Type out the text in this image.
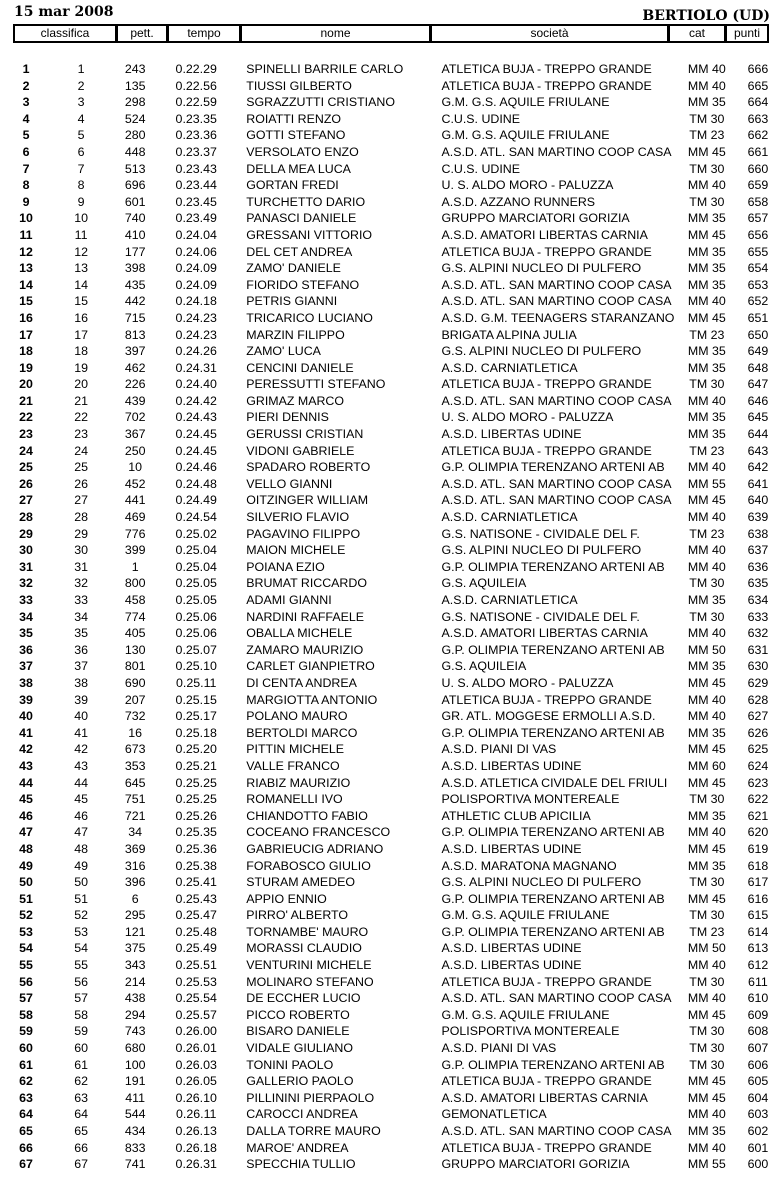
15 mar 2008	BERTIOLO (UD)
classifica	pett.	tempo	nome	società	cat	punti
1	1	243	0.22.29	SPINELLI BARRILE CARLO	ATLETICA BUJA - TREPPO GRANDE	MM 40	666
2	2	135	0.22.56	TIUSSI GILBERTO	ATLETICA BUJA - TREPPO GRANDE	MM 40	665
3	3	298	0.22.59	SGRAZZUTTI CRISTIANO	G.M. G.S. AQUILE FRIULANE	MM 35	664
4	4	524	0.23.35	ROIATTI RENZO	C.U.S. UDINE	TM 30	663
5	5	280	0.23.36	GOTTI STEFANO	G.M. G.S. AQUILE FRIULANE	TM 23	662
6	6	448	0.23.37	VERSOLATO ENZO	A.S.D. ATL. SAN MARTINO COOP CASA	MM 45	661
7	7	513	0.23.43	DELLA MEA LUCA	C.U.S. UDINE	TM 30	660
8	8	696	0.23.44	GORTAN FREDI	U. S. ALDO MORO - PALUZZA	MM 40	659
9	9	601	0.23.45	TURCHETTO DARIO	A.S.D. AZZANO RUNNERS	TM 30	658
10	10	740	0.23.49	PANASCI DANIELE	GRUPPO MARCIATORI GORIZIA	MM 35	657
11	11	410	0.24.04	GRESSANI VITTORIO	A.S.D. AMATORI LIBERTAS CARNIA	MM 45	656
12	12	177	0.24.06	DEL CET ANDREA	ATLETICA BUJA - TREPPO GRANDE	MM 35	655
13	13	398	0.24.09	ZAMO' DANIELE	G.S. ALPINI NUCLEO DI PULFERO	MM 35	654
14	14	435	0.24.09	FIORIDO STEFANO	A.S.D. ATL. SAN MARTINO COOP CASA	MM 35	653
15	15	442	0.24.18	PETRIS GIANNI	A.S.D. ATL. SAN MARTINO COOP CASA	MM 40	652
16	16	715	0.24.23	TRICARICO LUCIANO	A.S.D. G.M. TEENAGERS STARANZANO	MM 45	651
17	17	813	0.24.23	MARZIN FILIPPO	BRIGATA ALPINA JULIA	TM 23	650
18	18	397	0.24.26	ZAMO' LUCA	G.S. ALPINI NUCLEO DI PULFERO	MM 35	649
19	19	462	0.24.31	CENCINI DANIELE	A.S.D. CARNIATLETICA	MM 35	648
20	20	226	0.24.40	PERESSUTTI STEFANO	ATLETICA BUJA - TREPPO GRANDE	TM 30	647
21	21	439	0.24.42	GRIMAZ MARCO	A.S.D. ATL. SAN MARTINO COOP CASA	MM 40	646
22	22	702	0.24.43	PIERI DENNIS	U. S. ALDO MORO - PALUZZA	MM 35	645
23	23	367	0.24.45	GERUSSI CRISTIAN	A.S.D. LIBERTAS UDINE	MM 35	644
24	24	250	0.24.45	VIDONI GABRIELE	ATLETICA BUJA - TREPPO GRANDE	TM 23	643
25	25	10	0.24.46	SPADARO ROBERTO	G.P. OLIMPIA TERENZANO ARTENI AB	MM 40	642
26	26	452	0.24.48	VELLO GIANNI	A.S.D. ATL. SAN MARTINO COOP CASA	MM 55	641
27	27	441	0.24.49	OITZINGER WILLIAM	A.S.D. ATL. SAN MARTINO COOP CASA	MM 45	640
28	28	469	0.24.54	SILVERIO FLAVIO	A.S.D. CARNIATLETICA	MM 40	639
29	29	776	0.25.02	PAGAVINO FILIPPO	G.S. NATISONE - CIVIDALE DEL F.	TM 23	638
30	30	399	0.25.04	MAION MICHELE	G.S. ALPINI NUCLEO DI PULFERO	MM 40	637
31	31	1	0.25.04	POIANA EZIO	G.P. OLIMPIA TERENZANO ARTENI AB	MM 40	636
32	32	800	0.25.05	BRUMAT RICCARDO	G.S. AQUILEIA	TM 30	635
33	33	458	0.25.05	ADAMI GIANNI	A.S.D. CARNIATLETICA	MM 35	634
34	34	774	0.25.06	NARDINI RAFFAELE	G.S. NATISONE - CIVIDALE DEL F.	TM 30	633
35	35	405	0.25.06	OBALLA MICHELE	A.S.D. AMATORI LIBERTAS CARNIA	MM 40	632
36	36	130	0.25.07	ZAMARO MAURIZIO	G.P. OLIMPIA TERENZANO ARTENI AB	MM 50	631
37	37	801	0.25.10	CARLET GIANPIETRO	G.S. AQUILEIA	MM 35	630
38	38	690	0.25.11	DI CENTA ANDREA	U. S. ALDO MORO - PALUZZA	MM 45	629
39	39	207	0.25.15	MARGIOTTA ANTONIO	ATLETICA BUJA - TREPPO GRANDE	MM 40	628
40	40	732	0.25.17	POLANO MAURO	GR. ATL. MOGGESE ERMOLLI A.S.D.	MM 40	627
41	41	16	0.25.18	BERTOLDI MARCO	G.P. OLIMPIA TERENZANO ARTENI AB	MM 35	626
42	42	673	0.25.20	PITTIN MICHELE	A.S.D. PIANI DI VAS	MM 45	625
43	43	353	0.25.21	VALLE FRANCO	A.S.D. LIBERTAS UDINE	MM 60	624
44	44	645	0.25.25	RIABIZ MAURIZIO	A.S.D. ATLETICA CIVIDALE DEL FRIULI	MM 45	623
45	45	751	0.25.25	ROMANELLI IVO	POLISPORTIVA MONTEREALE	TM 30	622
46	46	721	0.25.26	CHIANDOTTO FABIO	ATHLETIC CLUB APICILIA	MM 35	621
47	47	34	0.25.35	COCEANO FRANCESCO	G.P. OLIMPIA TERENZANO ARTENI AB	MM 40	620
48	48	369	0.25.36	GABRIEUCIG ADRIANO	A.S.D. LIBERTAS UDINE	MM 45	619
49	49	316	0.25.38	FORABOSCO GIULIO	A.S.D. MARATONA MAGNANO	MM 35	618
50	50	396	0.25.41	STURAM AMEDEO	G.S. ALPINI NUCLEO DI PULFERO	TM 30	617
51	51	6	0.25.43	APPIO ENNIO	G.P. OLIMPIA TERENZANO ARTENI AB	MM 45	616
52	52	295	0.25.47	PIRRO' ALBERTO	G.M. G.S. AQUILE FRIULANE	TM 30	615
53	53	121	0.25.48	TORNAMBE' MAURO	G.P. OLIMPIA TERENZANO ARTENI AB	TM 23	614
54	54	375	0.25.49	MORASSI CLAUDIO	A.S.D. LIBERTAS UDINE	MM 50	613
55	55	343	0.25.51	VENTURINI MICHELE	A.S.D. LIBERTAS UDINE	MM 40	612
56	56	214	0.25.53	MOLINARO STEFANO	ATLETICA BUJA - TREPPO GRANDE	TM 30	611
57	57	438	0.25.54	DE ECCHER LUCIO	A.S.D. ATL. SAN MARTINO COOP CASA	MM 40	610
58	58	294	0.25.57	PICCO ROBERTO	G.M. G.S. AQUILE FRIULANE	MM 45	609
59	59	743	0.26.00	BISARO DANIELE	POLISPORTIVA MONTEREALE	TM 30	608
60	60	680	0.26.01	VIDALE GIULIANO	A.S.D. PIANI DI VAS	TM 30	607
61	61	100	0.26.03	TONINI PAOLO	G.P. OLIMPIA TERENZANO ARTENI AB	TM 30	606
62	62	191	0.26.05	GALLERIO PAOLO	ATLETICA BUJA - TREPPO GRANDE	MM 45	605
63	63	411	0.26.10	PILLININI PIERPAOLO	A.S.D. AMATORI LIBERTAS CARNIA	MM 45	604
64	64	544	0.26.11	CAROCCI ANDREA	GEMONATLETICA	MM 40	603
65	65	434	0.26.13	DALLA TORRE MAURO	A.S.D. ATL. SAN MARTINO COOP CASA	MM 35	602
66	66	833	0.26.18	MAROE' ANDREA	ATLETICA BUJA - TREPPO GRANDE	MM 40	601
67	67	741	0.26.31	SPECCHIA TULLIO	GRUPPO MARCIATORI GORIZIA	MM 55	600
